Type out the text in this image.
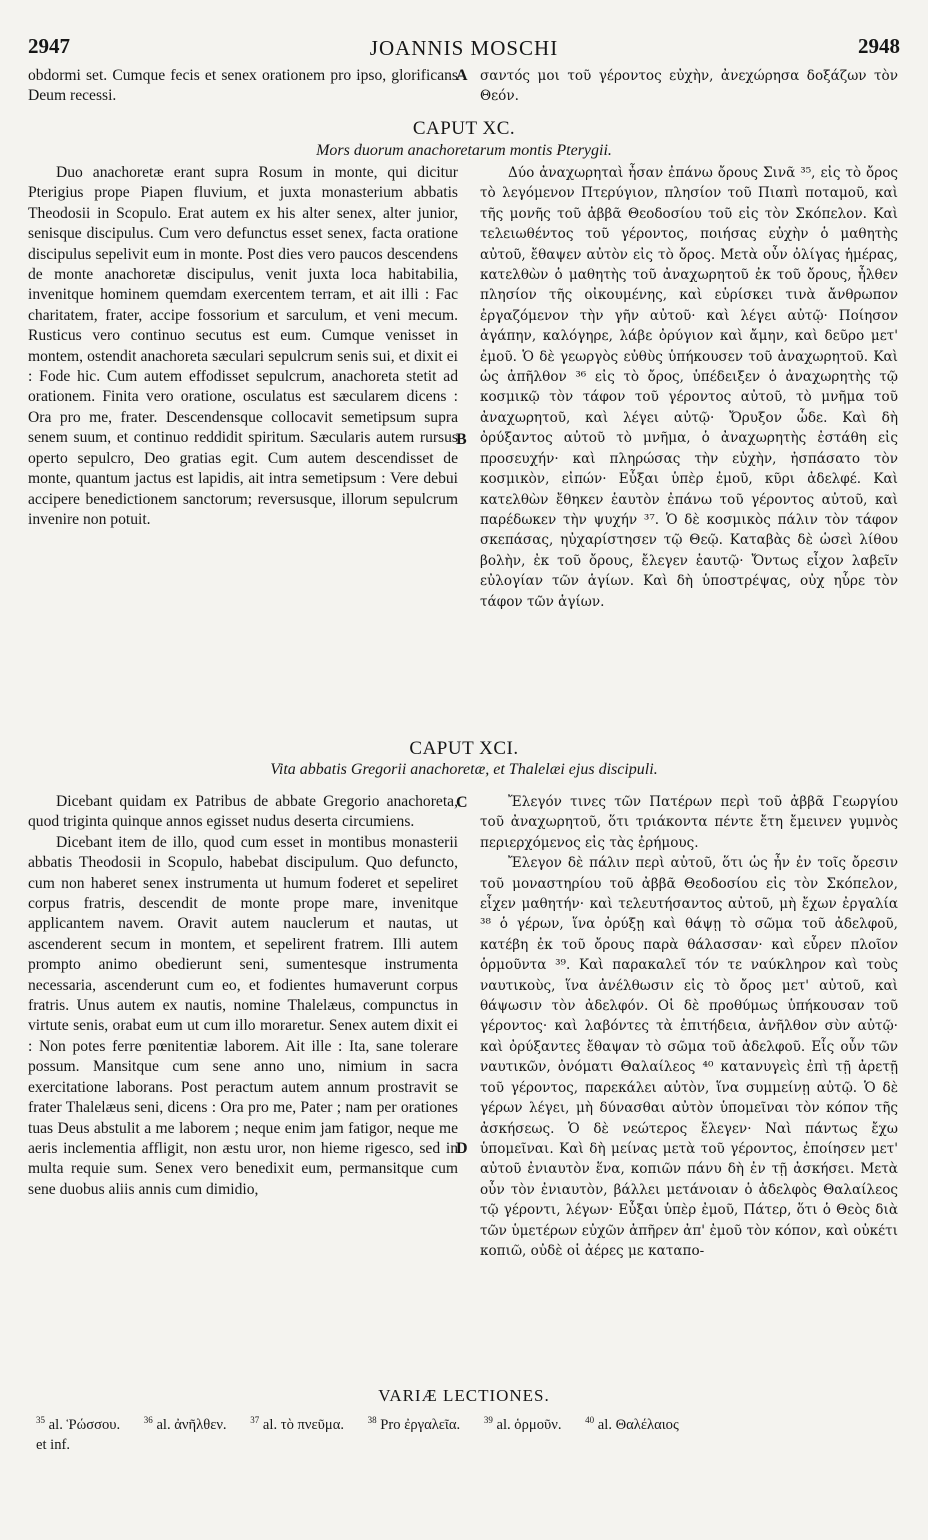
2947	JOANNIS MOSCHI	2948

obdormi set. Cumque fecis et senex orationem pro ipso, glorificans Deum recessi.

A σαντός μοι τοῦ γέροντος εὐχὴν, ἀνεχώρησα δοξάζων τὸν Θεόν.

CAPUT XC.
Mors duorum anachoretarum montis Pterygii.

Duo anachoretæ erant supra Rosum in monte, qui dicitur Pterigius prope Piapen fluvium, et juxta monasterium abbatis Theodosii in Scopulo. Erat autem ex his alter senex, alter junior, senisque discipulus. Cum vero defunctus esset senex, facta oratione discipulus sepelivit eum in monte. Post dies vero paucos descendens de monte anachoretæ discipulus, venit juxta loca habitabilia, invenitque hominem quemdam exercentem terram, et ait illi : Fac charitatem, frater, accipe fossorium et sarculum, et veni mecum. Rusticus vero continuo secutus est eum. Cumque venisset in montem, ostendit anachoreta sæculari sepulcrum senis sui, et dixit ei : Fode hic. Cum autem effodisset sepulcrum, anachoreta stetit ad orationem. Finita vero oratione, osculatus est sæcularem dicens : Ora pro me, frater. Descendensque collocavit semetipsum supra senem suum, et continuo reddidit spiritum. Sæcularis autem rursus operto sepulcro, Deo gratias egit. Cum autem descendisset de monte, quantum jactus est lapidis, ait intra semetipsum : Vere debui accipere benedictionem sanctorum; reversusque, illorum sepulcrum invenire non potuit.

B

Δύο ἀναχωρηταὶ ἦσαν ἐπάνω ὄρους Σινᾶ ³⁵, εἰς τὸ ὄρος τὸ λεγόμενον Πτερύγιον, πλησίον τοῦ Πιαπὶ ποταμοῦ, καὶ τῆς μονῆς τοῦ ἀββᾶ Θεοδοσίου τοῦ εἰς τὸν Σκόπελον. Καὶ τελειωθέντος τοῦ γέροντος, ποιήσας εὐχὴν ὁ μαθητὴς αὐτοῦ, ἔθαψεν αὐτὸν εἰς τὸ ὄρος. Μετὰ οὖν ὀλίγας ἡμέρας, κατελθὼν ὁ μαθητὴς τοῦ ἀναχωρητοῦ ἐκ τοῦ ὄρους, ἦλθεν πλησίον τῆς οἰκουμένης, καὶ εὑρίσκει τινὰ ἄνθρωπον ἐργαζόμενον τὴν γῆν αὐτοῦ· καὶ λέγει αὐτῷ· Ποίησον ἀγάπην, καλόγηρε, λάβε ὀρύγιον καὶ ἄμην, καὶ δεῦρο μετ' ἐμοῦ. Ὁ δὲ γεωργὸς εὐθὺς ὑπήκουσεν τοῦ ἀναχωρητοῦ. Καὶ ὡς ἀπῆλθον ³⁶ εἰς τὸ ὄρος, ὑπέδειξεν ὁ ἀναχωρητὴς τῷ κοσμικῷ τὸν τάφον τοῦ γέροντος αὐτοῦ, τὸ μνῆμα τοῦ ἀναχωρητοῦ, καὶ λέγει αὐτῷ· Ὄρυξον ὧδε. Καὶ δὴ ὀρύξαντος αὐτοῦ τὸ μνῆμα, ὁ ἀναχωρητὴς ἐστάθη εἰς προσευχήν· καὶ πληρώσας τὴν εὐχὴν, ἠσπάσατο τὸν κοσμικὸν, εἰπών· Εὖξαι ὑπὲρ ἐμοῦ, κῦρι ἀδελφέ. Καὶ κατελθὼν ἔθηκεν ἑαυτὸν ἐπάνω τοῦ γέροντος αὐτοῦ, καὶ παρέδωκεν τὴν ψυχήν ³⁷. Ὁ δὲ κοσμικὸς πάλιν τὸν τάφον σκεπάσας, ηὐχαρίστησεν τῷ Θεῷ. Καταβὰς δὲ ὡσεὶ λίθου βολὴν, ἐκ τοῦ ὄρους, ἔλεγεν ἑαυτῷ· Ὄντως εἶχον λαβεῖν εὐλογίαν τῶν ἁγίων. Καὶ δὴ ὑποστρέψας, οὐχ ηὗρε τὸν τάφον τῶν ἁγίων.

CAPUT XCI.
Vita abbatis Gregorii anachoretæ, et Thalelæi ejus discipuli.

Dicebant quidam ex Patribus de abbate Gregorio anachoreta, quod triginta quinque annos egisset nudus deserta circumiens.

Dicebant item de illo, quod cum esset in montibus monasterii abbatis Theodosii in Scopulo, habebat discipulum. Quo defuncto, cum non haberet senex instrumenta ut humum foderet et sepeliret corpus fratris, descendit de monte prope mare, invenitque applicantem navem. Oravit autem nauclerum et nautas, ut ascenderent secum in montem, et sepelirent fratrem. Illi autem prompto animo obedierunt seni, sumentesque instrumenta necessaria, ascenderunt cum eo, et fodientes humaverunt corpus fratris. Unus autem ex nautis, nomine Thalelæus, compunctus in virtute senis, orabat eum ut cum illo moraretur. Senex autem dixit ei : Non potes ferre pœnitentiæ laborem. Ait ille : Ita, sane tolerare possum. Mansitque cum sene anno uno, nimium in sacra exercitatione laborans. Post peractum autem annum prostravit se frater Thalelæus seni, dicens : Ora pro me, Pater ; nam per orationes tuas Deus abstulit a me laborem ; neque enim jam fatigor, neque me aeris inclementia affligit, non æstu uror, non hieme rigesco, sed in multa requie sum. Senex vero benedixit eum, permansitque cum sene duobus aliis annis cum dimidio,

C
D

Ἔλεγόν τινες τῶν Πατέρων περὶ τοῦ ἀββᾶ Γεωργίου τοῦ ἀναχωρητοῦ, ὅτι τριάκοντα πέντε ἔτη ἔμεινεν γυμνὸς περιερχόμενος εἰς τὰς ἐρήμους.

Ἔλεγον δὲ πάλιν περὶ αὐτοῦ, ὅτι ὡς ἦν ἐν τοῖς ὄρεσιν τοῦ μοναστηρίου τοῦ ἀββᾶ Θεοδοσίου εἰς τὸν Σκόπελον, εἶχεν μαθητήν· καὶ τελευτήσαντος αὐτοῦ, μὴ ἔχων ἐργαλία ³⁸ ὁ γέρων, ἵνα ὀρύξῃ καὶ θάψῃ τὸ σῶμα τοῦ ἀδελφοῦ, κατέβη ἐκ τοῦ ὄρους παρὰ θάλασσαν· καὶ εὗρεν πλοῖον ὁρμοῦντα ³⁹. Καὶ παρακαλεῖ τόν τε ναύκληρον καὶ τοὺς ναυτικοὺς, ἵνα ἀνέλθωσιν εἰς τὸ ὄρος μετ' αὐτοῦ, καὶ θάψωσιν τὸν ἀδελφόν. Οἱ δὲ προθύμως ὑπήκουσαν τοῦ γέροντος· καὶ λαβόντες τὰ ἐπιτήδεια, ἀνῆλθον σὺν αὐτῷ· καὶ ὀρύξαντες ἔθαψαν τὸ σῶμα τοῦ ἀδελφοῦ. Εἷς οὖν τῶν ναυτικῶν, ὀνόματι Θαλαίλεος ⁴⁰ κατανυγεὶς ἐπὶ τῇ ἀρετῇ τοῦ γέροντος, παρεκάλει αὐτὸν, ἵνα συμμείνῃ αὐτῷ. Ὁ δὲ γέρων λέγει, μὴ δύνασθαι αὐτὸν ὑπομεῖναι τὸν κόπον τῆς ἀσκήσεως. Ὁ δὲ νεώτερος ἔλεγεν· Ναὶ πάντως ἔχω ὑπομεῖναι. Καὶ δὴ μείνας μετὰ τοῦ γέροντος, ἐποίησεν μετ' αὐτοῦ ἐνιαυτὸν ἕνα, κοπιῶν πάνυ δὴ ἐν τῇ ἀσκήσει. Μετὰ οὖν τὸν ἐνιαυτὸν, βάλλει μετάνοιαν ὁ ἀδελφὸς Θαλαίλεος τῷ γέροντι, λέγων· Εὖξαι ὑπὲρ ἐμοῦ, Πάτερ, ὅτι ὁ Θεὸς διὰ τῶν ὑμετέρων εὐχῶν ἀπῆρεν ἀπ' ἐμοῦ τὸν κόπον, καὶ οὐκέτι κοπιῶ, οὐδὲ οἱ ἀέρες με καταπο-

VARIÆ LECTIONES.
$^{35}$ al. Ῥώσσου.	$^{36}$ al. ἀνῆλθεν.	$^{37}$ al. τὸ πνεῦμα.	$^{38}$ Pro ἐργαλεῖα.	$^{39}$ al. ὁρμοῦν.	$^{40}$ al. Θαλέλαιος
et inf.
